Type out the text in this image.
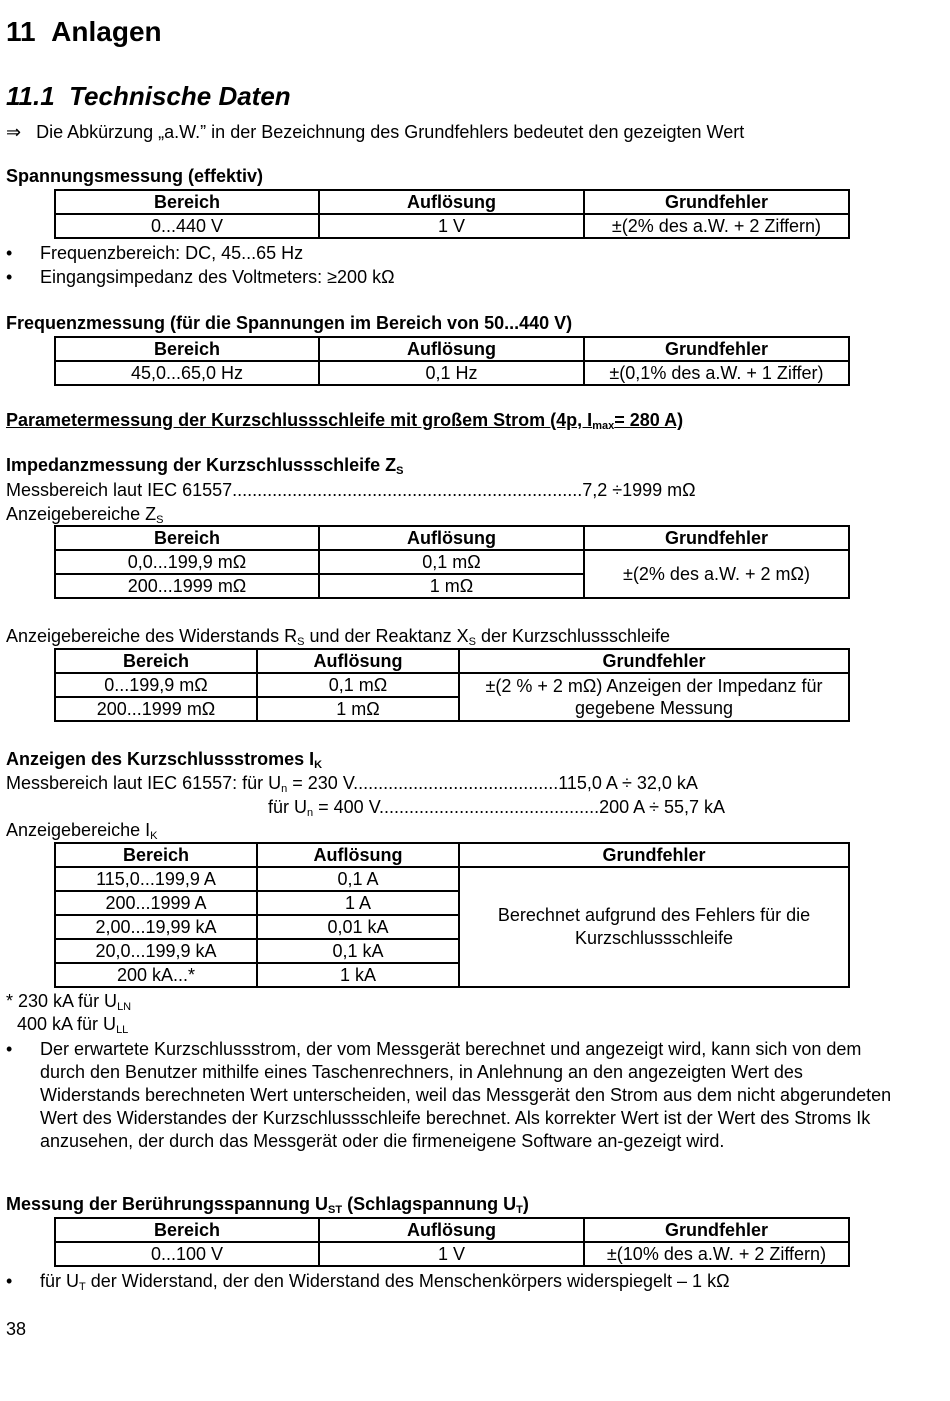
11 Anlagen
11.1 Technische Daten
⇒ Die Abkürzung „a.W.” in der Bezeichnung des Grundfehlers bedeutet den gezeigten Wert
Spannungsmessung (effektiv)
Bereich	Auflösung	Grundfehler
0...440 V	1 V	±(2% des a.W. + 2 Ziffern)
• Frequenzbereich: DC, 45...65 Hz
• Eingangsimpedanz des Voltmeters: ≥200 kΩ
Frequenzmessung (für die Spannungen im Bereich von 50...440 V)
Bereich	Auflösung	Grundfehler
45,0...65,0 Hz	0,1 Hz	±(0,1% des a.W. + 1 Ziffer)
Parametermessung der Kurzschlussschleife mit großem Strom (4p, $I_{max}= 280$ A)
Impedanzmessung der Kurzschlussschleife $Z_S$
Messbereich laut IEC 61557......................................................................7,2 ÷1999 mΩ
Anzeigebereiche $Z_S$
Bereich	Auflösung	Grundfehler
0,0...199,9 mΩ	0,1 mΩ	±(2% des a.W. + 2 mΩ)
200...1999 mΩ	1 mΩ	
Anzeigebereiche des Widerstands $R_S$ und der Reaktanz $X_S$ der Kurzschlussschleife
Bereich	Auflösung	Grundfehler
0...199,9 mΩ	0,1 mΩ	±(2 % + 2 mΩ) Anzeigen der Impedanz für
gegebene Messung

200...1999 mΩ	1 mΩ	
Anzeigen des Kurzschlussstromes $I_K$
Messbereich laut IEC 61557: für $U_n = 230$ V.........................................115,0 A ÷ 32,0 kA
für $U_n = 400$ V............................................200 A ÷ 55,7 kA
Anzeigebereiche $I_K$
Bereich	Auflösung	Grundfehler
115,0...199,9 A	0,1 A	Berechnet aufgrund des Fehlers für die
Kurzschlussschleife

200...1999 A	1 A	
2,00...19,99 kA	0,01 kA	
20,0...199,9 kA	0,1 kA	
200 kA...*	1 kA	
* 230 kA für $U_{LN}$
400 kA für $U_{LL}$
• Der erwartete Kurzschlussstrom, der vom Messgerät berechnet und angezeigt wird, kann sich von dem durch den Benutzer mithilfe eines Taschenrechners, in Anlehnung an den angezeigten Wert des Widerstands berechneten Wert unterscheiden, weil das Messgerät den Strom aus dem nicht abgerundeten Wert des Widerstandes der Kurzschlussschleife berechnet. Als korrekter Wert ist der Wert des Stroms Ik anzusehen, der durch das Messgerät oder die firmeneigene Software an-gezeigt wird.
Messung der Berührungsspannung $U_{ST}$ (Schlagspannung $U_T$)
Bereich	Auflösung	Grundfehler
0...100 V	1 V	±(10% des a.W. + 2 Ziffern)
• für $U_T$ der Widerstand, der den Widerstand des Menschenkörpers widerspiegelt – 1 kΩ
38
